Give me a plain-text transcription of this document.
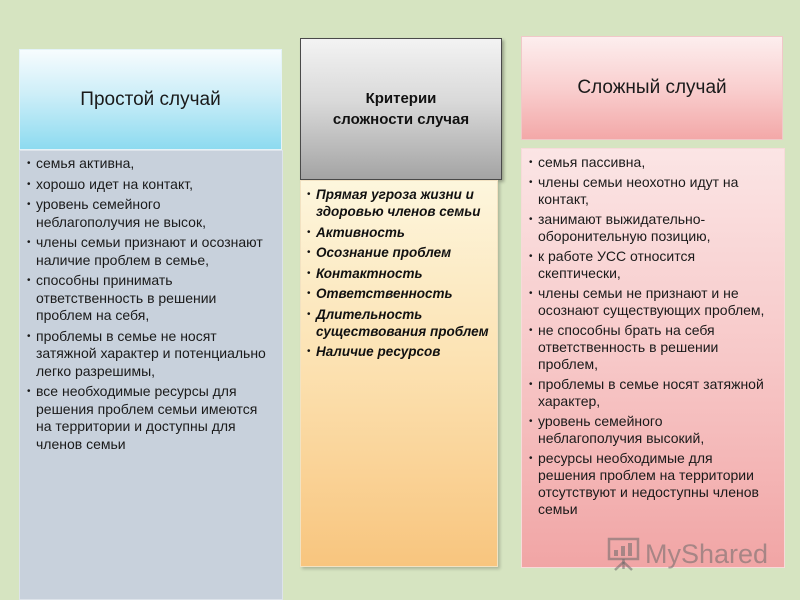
Простой случай
• семья активна,
• хорошо идет на контакт,
• уровень семейного
неблагополучия не высок,
• члены семьи признают и осознают
наличие проблем в семье,
• способны принимать
ответственность в решении
проблем на себя,
• проблемы в семье не носят
затяжной характер и потенциально
легко разрешимы,
• все необходимые ресурсы для
решения проблем семьи имеются
на территории и доступны для
членов семьи
Критерии
сложности случая
• Прямая угроза жизни и
здоровью членов семьи
• Активность
• Осознание проблем
• Контактность
• Ответственность
• Длительность
существования проблем
• Наличие ресурсов
Сложный случай
• семья пассивна,
• члены семьи неохотно идут на
контакт,
• занимают выжидательно-
оборонительную позицию,
• к работе УСС относится
скептически,
• члены семьи не признают и не
осознают существующих проблем,
• не способны брать на себя
ответственность в решении
проблем,
• проблемы в семье носят затяжной
характер,
• уровень семейного
неблагополучия высокий,
• ресурсы необходимые для
решения проблем на территории
отсутствуют и недоступны членов
семьи
MyShared
